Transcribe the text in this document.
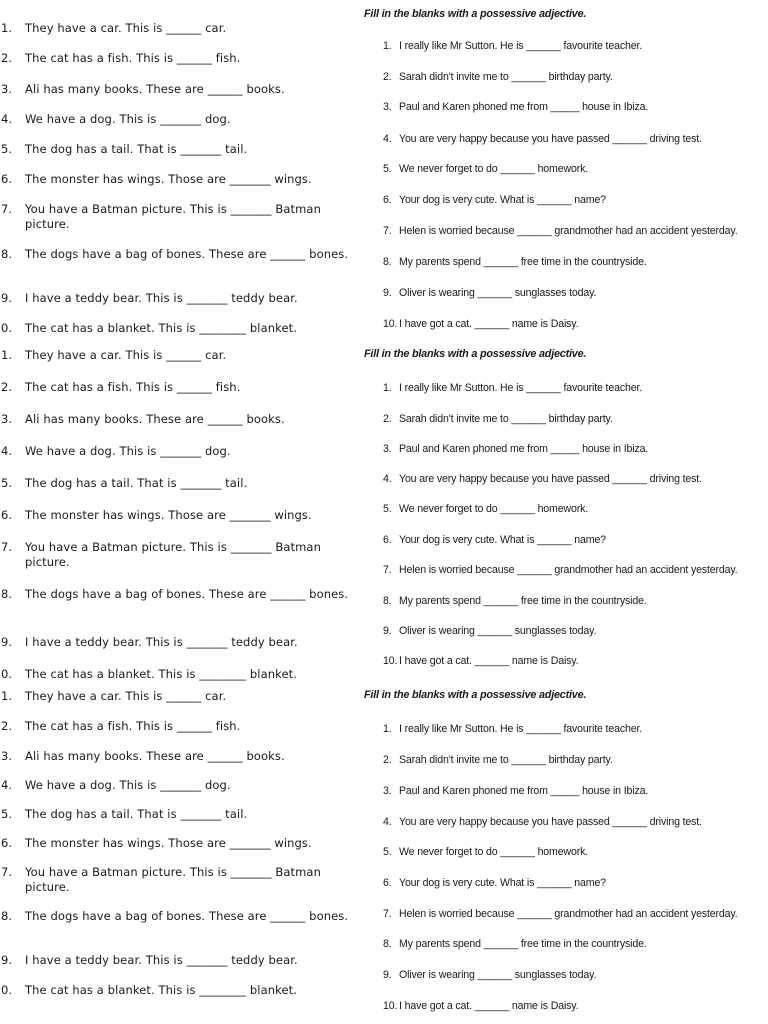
1.	They have a car. This is ______ car.
2.	The cat has a fish. This is ______ fish.
3.	Ali has many books. These are ______ books.
4.	We have a dog. This is _______ dog.
5.	The dog has a tail. That is _______ tail.
6.	The monster has wings. Those are _______ wings.
7.	You have a Batman picture. This is _______ Batman picture.
8.	The dogs have a bag of bones. These are ______ bones.
9.	I have a teddy bear. This is _______ teddy bear.
0.	The cat has a blanket. This is ________ blanket.
1.	They have a car. This is ______ car.
2.	The cat has a fish. This is ______ fish.
3.	Ali has many books. These are ______ books.
4.	We have a dog. This is _______ dog.
5.	The dog has a tail. That is _______ tail.
6.	The monster has wings. Those are _______ wings.
7.	You have a Batman picture. This is _______ Batman picture.
8.	The dogs have a bag of bones. These are ______ bones.
9.	I have a teddy bear. This is _______ teddy bear.
0.	The cat has a blanket. This is ________ blanket.
1.	They have a car. This is ______ car.
2.	The cat has a fish. This is ______ fish.
3.	Ali has many books. These are ______ books.
4.	We have a dog. This is _______ dog.
5.	The dog has a tail. That is _______ tail.
6.	The monster has wings. Those are _______ wings.
7.	You have a Batman picture. This is _______ Batman picture.
8.	The dogs have a bag of bones. These are ______ bones.
9.	I have a teddy bear. This is _______ teddy bear.
0.	The cat has a blanket. This is ________ blanket.
Fill in the blanks with a possessive adjective.
1. I really like Mr Sutton. He is ______ favourite teacher.
2. Sarah didn't invite me to ______ birthday party.
3. Paul and Karen phoned me from _____ house in Ibiza.
4. You are very happy because you have passed ______ driving test.
5. We never forget to do ______ homework.
6. Your dog is very cute. What is ______ name?
7. Helen is worried because ______ grandmother had an accident yesterday.
8. My parents spend ______ free time in the countryside.
9. Oliver is wearing ______ sunglasses today.
10. I have got a cat. ______ name is Daisy.
Fill in the blanks with a possessive adjective.
1. I really like Mr Sutton. He is ______ favourite teacher.
2. Sarah didn't invite me to ______ birthday party.
3. Paul and Karen phoned me from _____ house in Ibiza.
4. You are very happy because you have passed ______ driving test.
5. We never forget to do ______ homework.
6. Your dog is very cute. What is ______ name?
7. Helen is worried because ______ grandmother had an accident yesterday.
8. My parents spend ______ free time in the countryside.
9. Oliver is wearing ______ sunglasses today.
10. I have got a cat. ______ name is Daisy.
Fill in the blanks with a possessive adjective.
1. I really like Mr Sutton. He is ______ favourite teacher.
2. Sarah didn't invite me to ______ birthday party.
3. Paul and Karen phoned me from _____ house in Ibiza.
4. You are very happy because you have passed ______ driving test.
5. We never forget to do ______ homework.
6. Your dog is very cute. What is ______ name?
7. Helen is worried because ______ grandmother had an accident yesterday.
8. My parents spend ______ free time in the countryside.
9. Oliver is wearing ______ sunglasses today.
10. I have got a cat. ______ name is Daisy.
